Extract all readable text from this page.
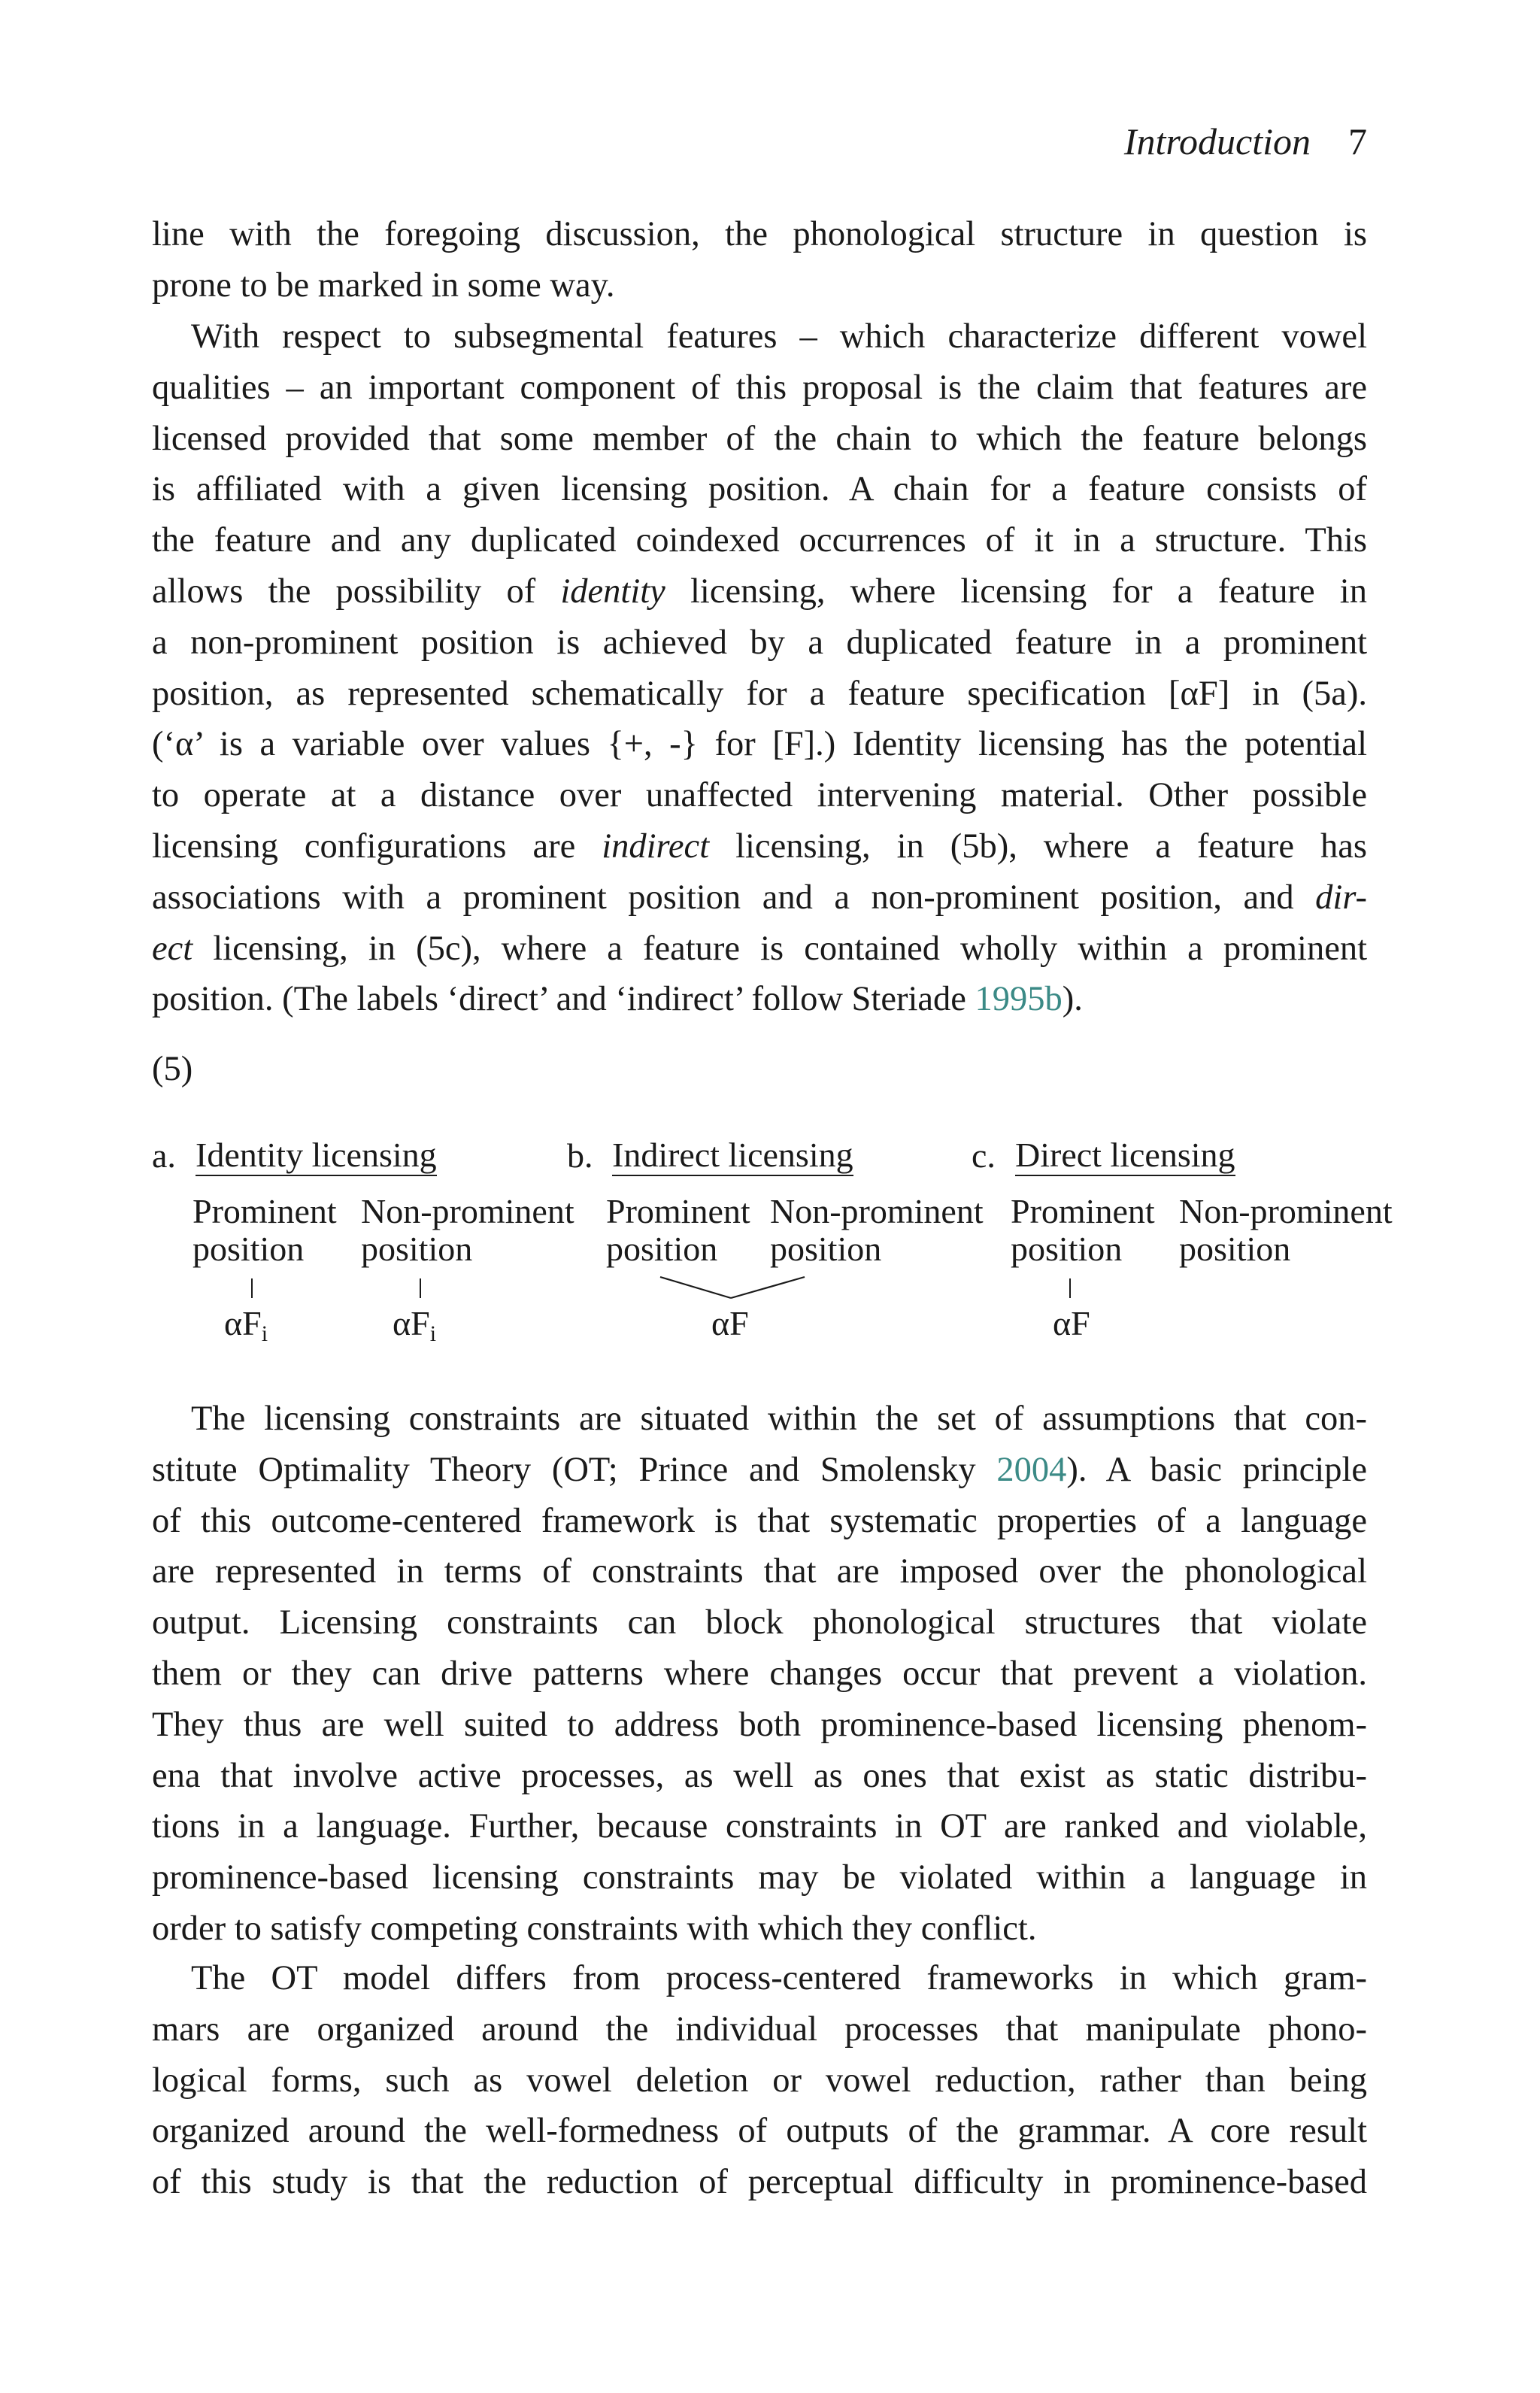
Introduction 7
line with the foregoing discussion, the phonological structure in question is
prone to be marked in some way.
With respect to subsegmental features – which characterize different vowel
qualities – an important component of this proposal is the claim that features are
licensed provided that some member of the chain to which the feature belongs
is affiliated with a given licensing position. A chain for a feature consists of
the feature and any duplicated coindexed occurrences of it in a structure. This
allows the possibility of identity licensing, where licensing for a feature in
a non-prominent position is achieved by a duplicated feature in a prominent
position, as represented schematically for a feature specification [αF] in (5a).
(‘α’ is a variable over values {+, -} for [F].) Identity licensing has the potential
to operate at a distance over unaffected intervening material. Other possible
licensing configurations are indirect licensing, in (5b), where a feature has
associations with a prominent position and a non-prominent position, and dir-
ect licensing, in (5c), where a feature is contained wholly within a prominent
position. (The labels ‘direct’ and ‘indirect’ follow Steriade 1995b).
(5)
a. Identity licensing
Prominent
position
Non-prominent
position
$\alpha F_i$	$\alpha F_i$
b. Indirect licensing
Prominent
position
Non-prominent
position
αF
c. Direct licensing
Prominent
position
Non-prominent
position
αF
The licensing constraints are situated within the set of assumptions that con-
stitute Optimality Theory (OT; Prince and Smolensky 2004). A basic principle
of this outcome-centered framework is that systematic properties of a language
are represented in terms of constraints that are imposed over the phonological
output. Licensing constraints can block phonological structures that violate
them or they can drive patterns where changes occur that prevent a violation.
They thus are well suited to address both prominence-based licensing phenom-
ena that involve active processes, as well as ones that exist as static distribu-
tions in a language. Further, because constraints in OT are ranked and violable,
prominence-based licensing constraints may be violated within a language in
order to satisfy competing constraints with which they conflict.
The OT model differs from process-centered frameworks in which gram-
mars are organized around the individual processes that manipulate phono-
logical forms, such as vowel deletion or vowel reduction, rather than being
organized around the well-formedness of outputs of the grammar. A core result
of this study is that the reduction of perceptual difficulty in prominence-based
